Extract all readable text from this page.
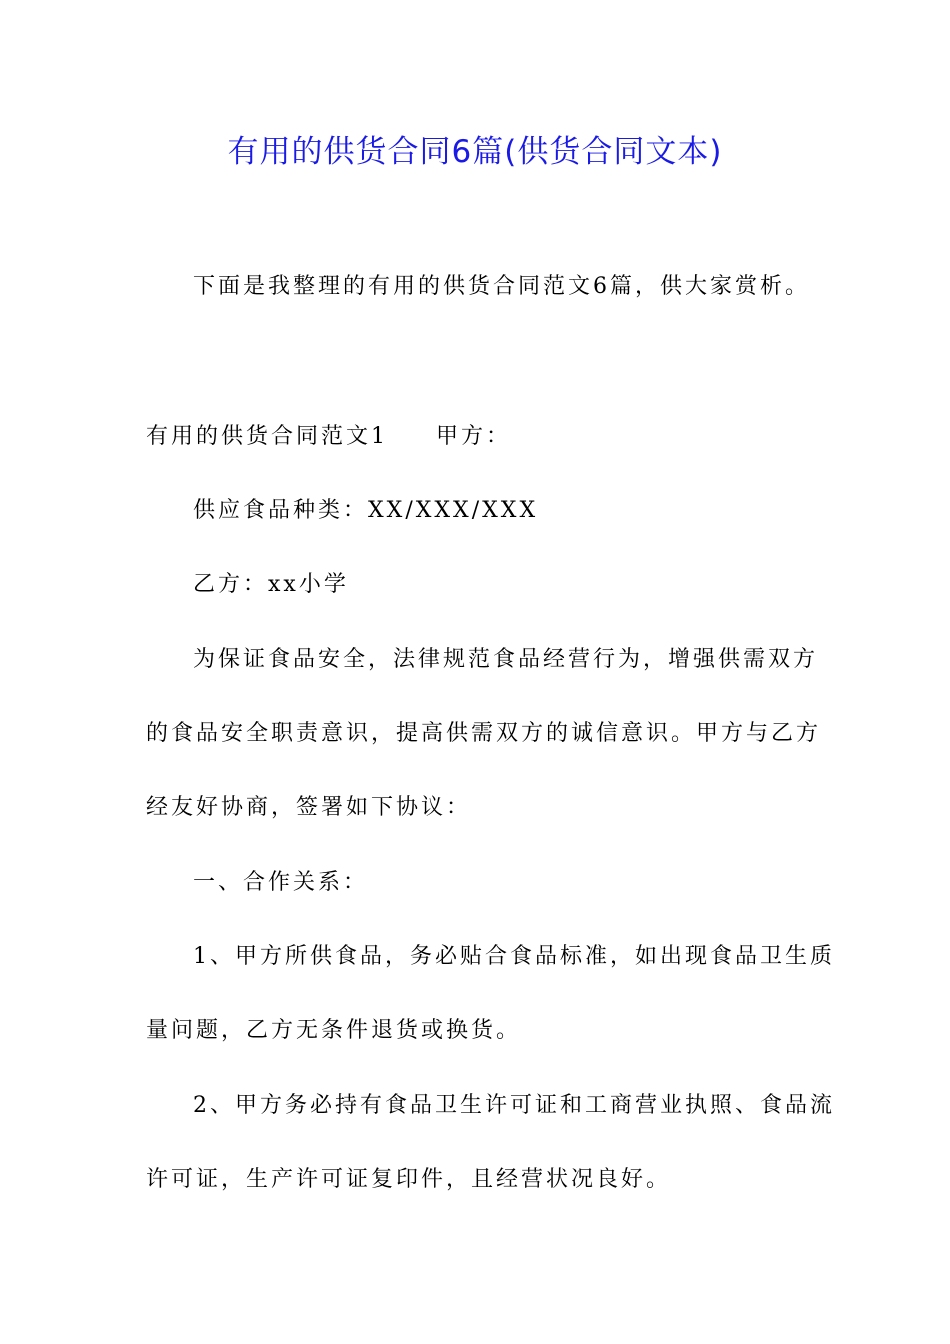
有用的供货合同6篇(供货合同文本)
下面是我整理的有用的供货合同范文6篇，供大家赏析。
有用的供货合同范文1 甲方：
供应食品种类：XX/XXX/XXX
乙方：xx小学
为保证食品安全，法律规范食品经营行为，增强供需双方
的食品安全职责意识，提高供需双方的诚信意识。甲方与乙方
经友好协商，签署如下协议：
一、合作关系：
1、甲方所供食品，务必贴合食品标准，如出现食品卫生质
量问题，乙方无条件退货或换货。
2、甲方务必持有食品卫生许可证和工商营业执照、食品流
许可证，生产许可证复印件，且经营状况良好。
